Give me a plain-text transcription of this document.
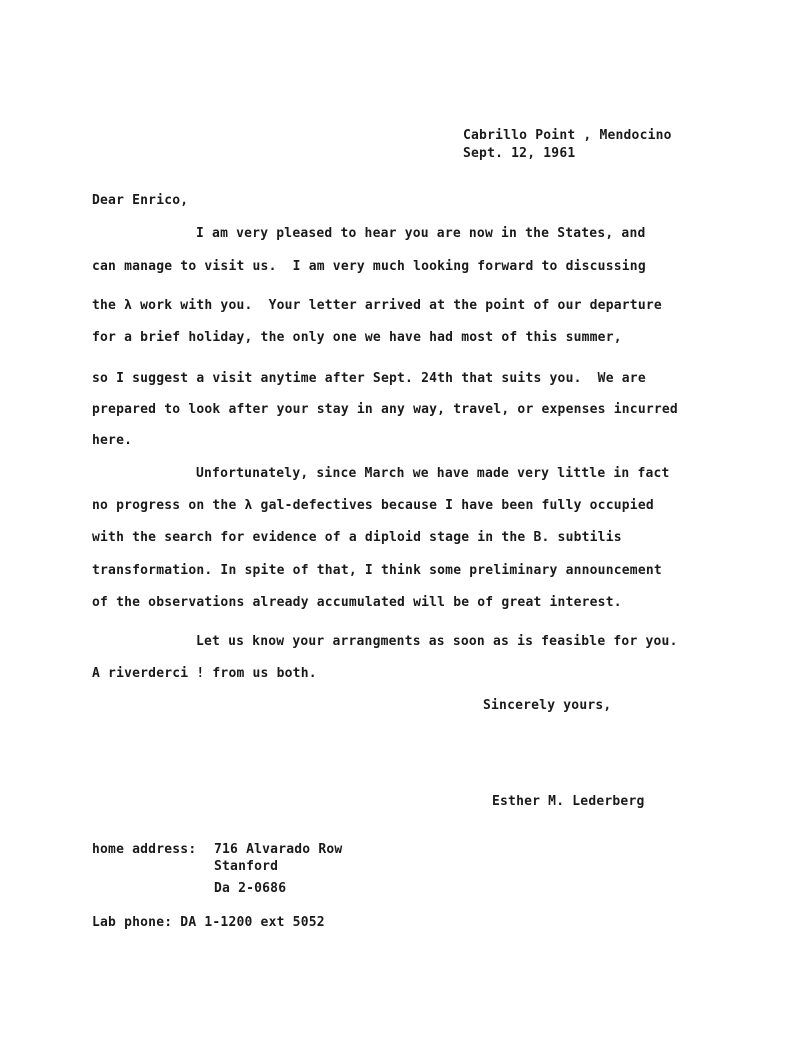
Cabrillo Point , Mendocino
Sept. 12, 1961
Dear Enrico,
I am very pleased to hear you are now in the States, and
can manage to visit us.  I am very much looking forward to discussing
the λ work with you.  Your letter arrived at the point of our departure
for a brief holiday, the only one we have had most of this summer,
so I suggest a visit anytime after Sept. 24th that suits you.  We are
prepared to look after your stay in any way, travel, or expenses incurred
here.
Unfortunately, since March we have made very little in fact
no progress on the λ gal-defectives because I have been fully occupied
with the search for evidence of a diploid stage in the B. subtilis
transformation. In spite of that, I think some preliminary announcement
of the observations already accumulated will be of great interest.
Let us know your arrangments as soon as is feasible for you.
A riverderci ! from us both.
Sincerely yours,
Esther M. Lederberg
home address: 716 Alvarado Row
Stanford
Da 2-0686
Lab phone: DA 1-1200 ext 5052
